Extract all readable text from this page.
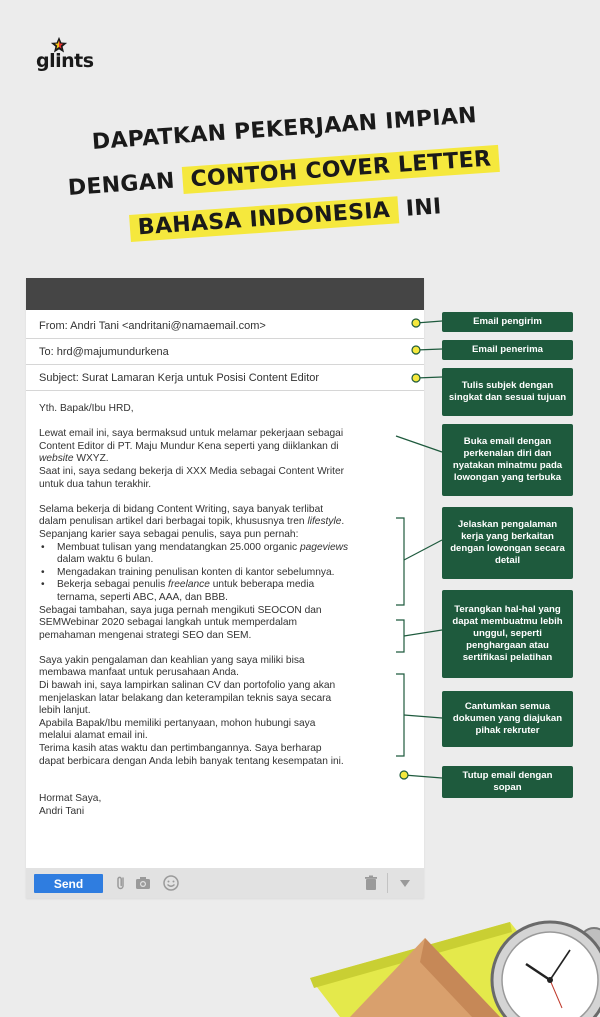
glints
DAPATKAN PEKERJAAN IMPIAN
DENGAN CONTOH COVER LETTER
BAHASA INDONESIA INI
From: Andri Tani <andritani@namaemail.com>
To: hrd@majumundurkena
Subject: Surat Lamaran Kerja untuk Posisi Content Editor

Yth. Bapak/Ibu HRD,

Lewat email ini, saya bermaksud untuk melamar pekerjaan sebagai

Content Editor di PT. Maju Mundur Kena seperti yang diiklankan di

website WXYZ.

Saat ini, saya sedang bekerja di XXX Media sebagai Content Writer

untuk dua tahun terakhir.

Selama bekerja di bidang Content Writing, saya banyak terlibat

dalam penulisan artikel dari berbagai topik, khususnya tren lifestyle.

Sepanjang karier saya sebagai penulis, saya pun pernah:

• Membuat tulisan yang mendatangkan 25.000 organic pageviews
dalam waktu 6 bulan.
• Mengadakan training penulisan konten di kantor sebelumnya.
• Bekerja sebagai penulis freelance untuk beberapa media
ternama, seperti ABC, AAA, dan BBB.

Sebagai tambahan, saya juga pernah mengikuti SEOCON dan

SEMWebinar 2020 sebagai langkah untuk memperdalam

pemahaman mengenai strategi SEO dan SEM.

Saya yakin pengalaman dan keahlian yang saya miliki bisa

membawa manfaat untuk perusahaan Anda.

Di bawah ini, saya lampirkan salinan CV dan portofolio yang akan

menjelaskan latar belakang dan keterampilan teknis saya secara

lebih lanjut.

Apabila Bapak/Ibu memiliki pertanyaan, mohon hubungi saya

melalui alamat email ini.

Terima kasih atas waktu dan pertimbangannya. Saya berharap

dapat berbicara dengan Anda lebih banyak tentang kesempatan ini.

Hormat Saya,

Andri Tani

Send
Email pengirim
Email penerima
Tulis subjek dengan singkat dan sesuai tujuan
Buka email dengan perkenalan diri dan nyatakan minatmu pada lowongan yang terbuka
Jelaskan pengalaman kerja yang berkaitan dengan lowongan secara detail
Terangkan hal-hal yang dapat membuatmu lebih unggul, seperti penghargaan atau sertifikasi pelatihan
Cantumkan semua dokumen yang diajukan pihak rekruter
Tutup email dengan sopan
